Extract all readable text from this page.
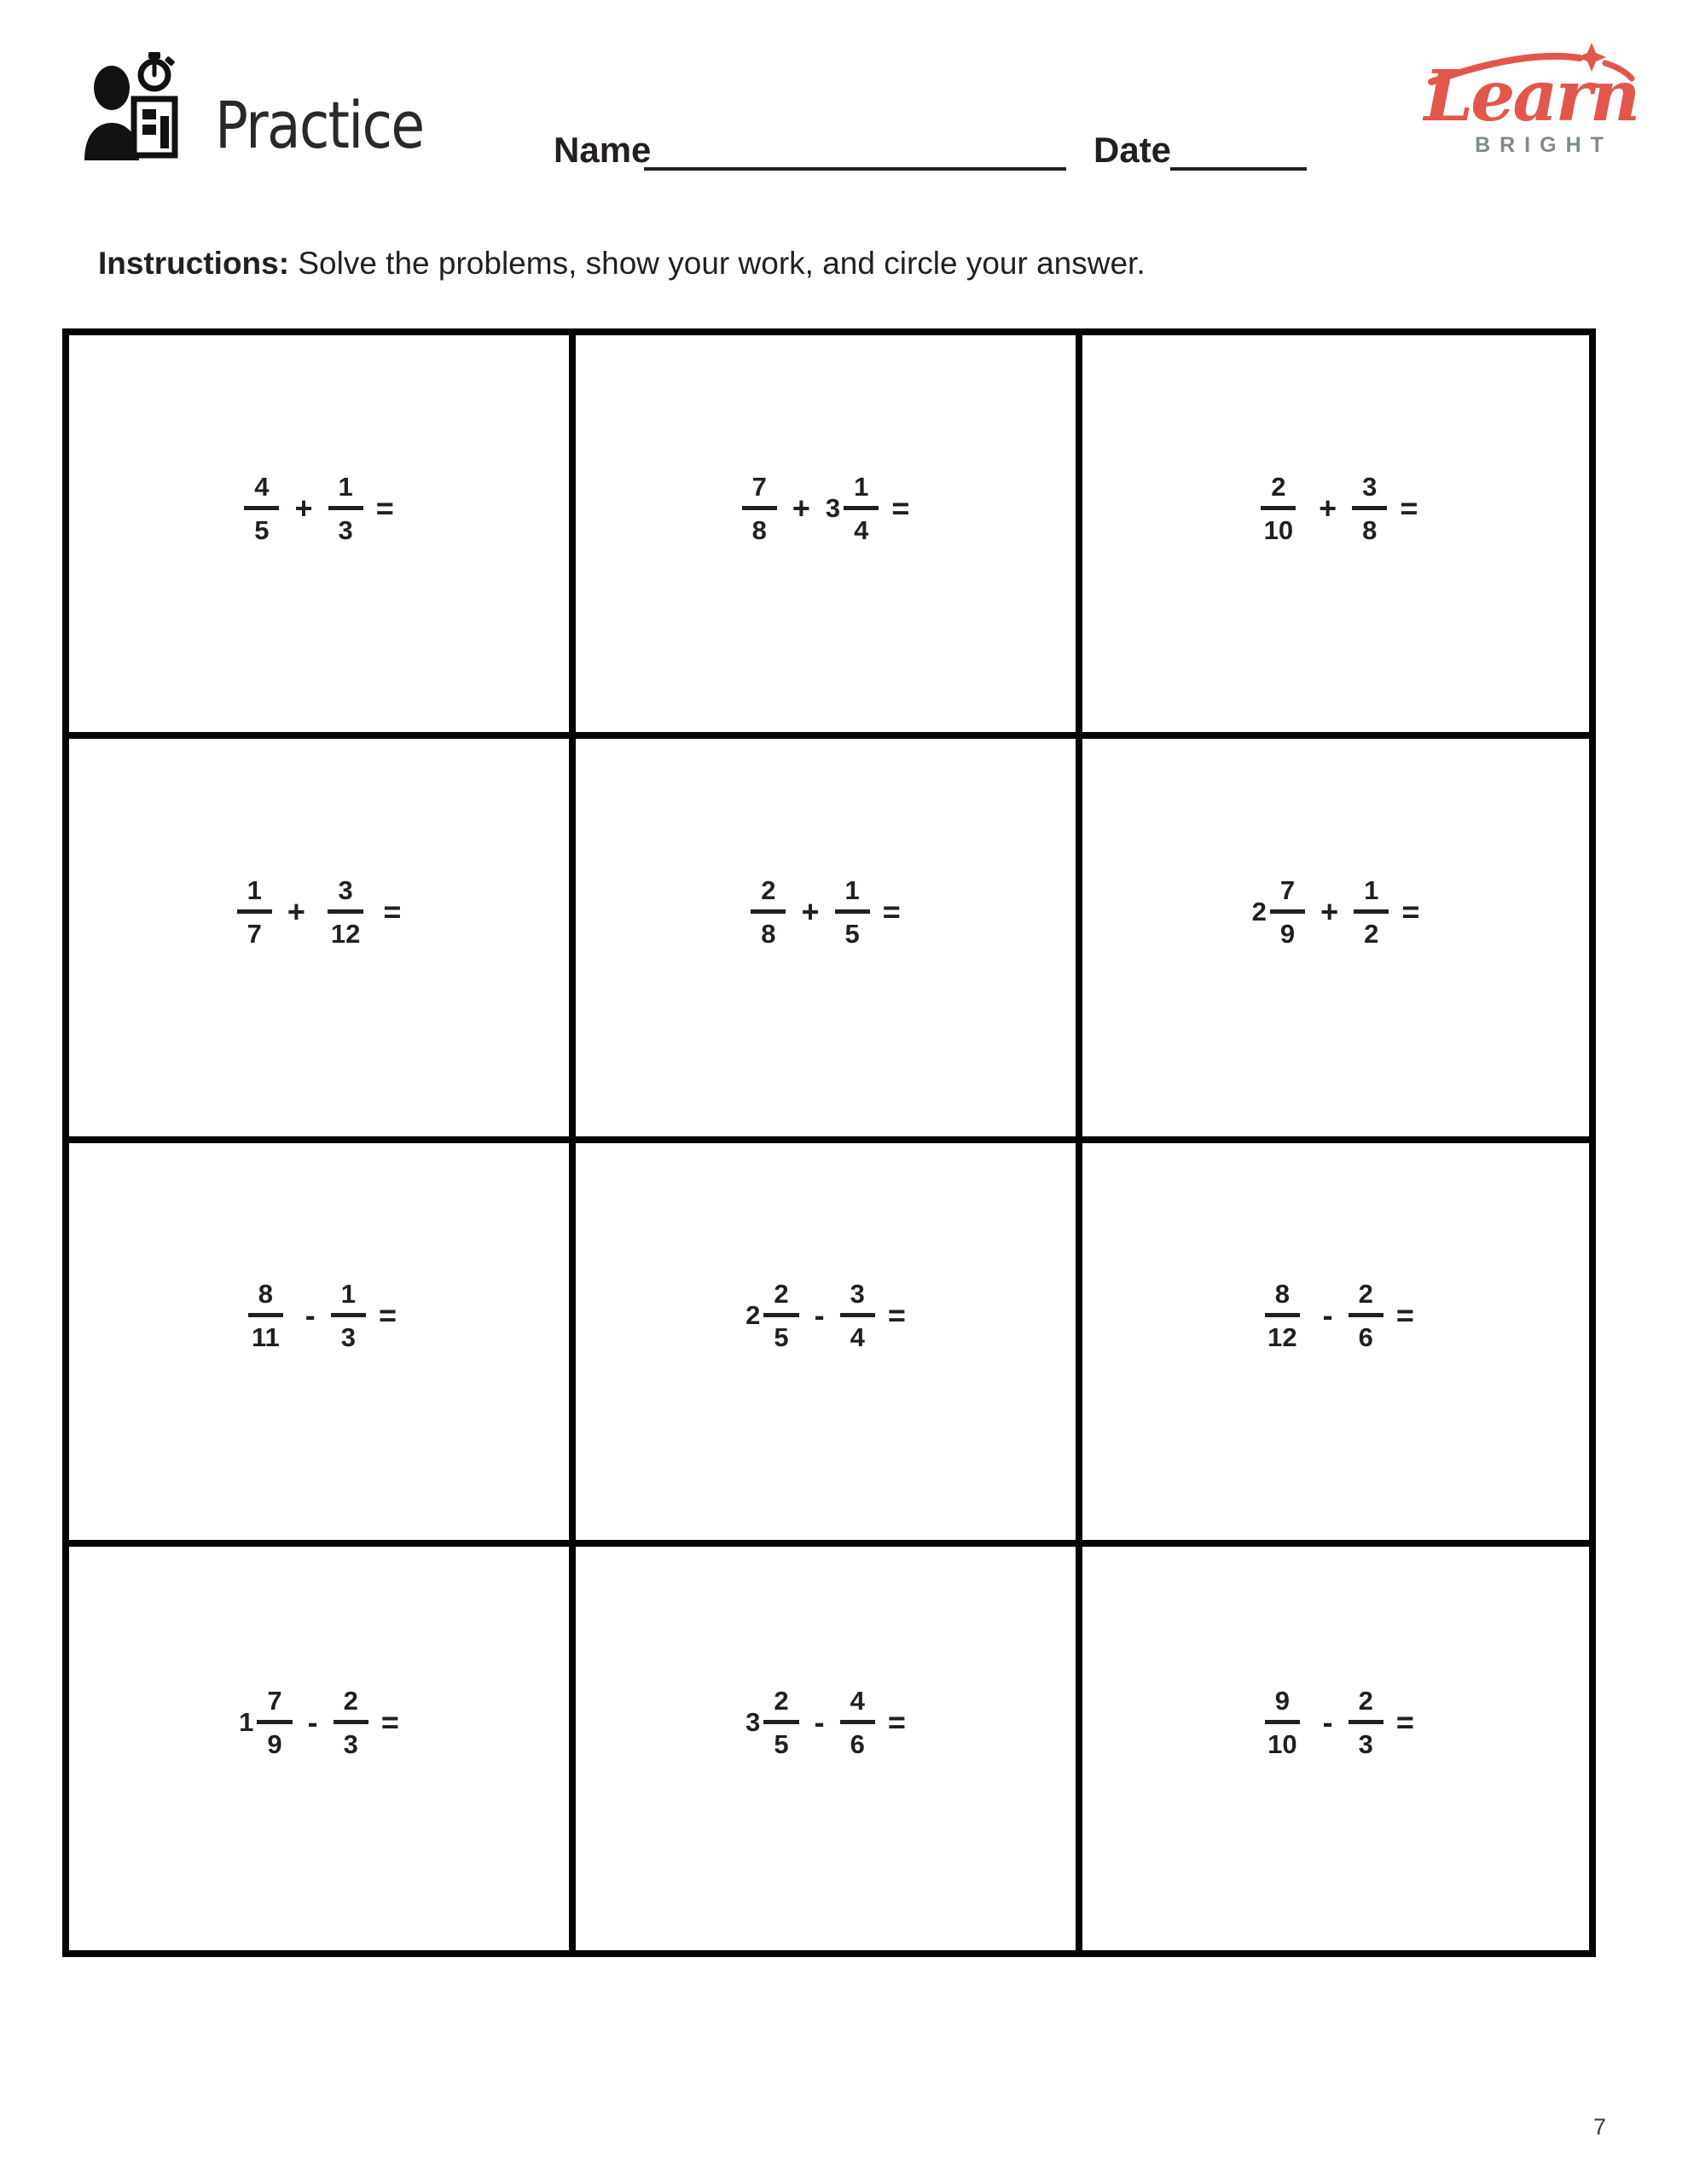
Practice	Name	Date
Learn
BRIGHT
Instructions: Solve the problems, show your work, and circle your answer.
$\frac{4}{5} + \frac{1}{3}$ =	$\frac{7}{8} + 3 \frac{1}{4}$ =	$\frac{2}{10} + \frac{3}{8}$ =
$\frac{1}{7} + \frac{3}{12}$ =	$\frac{2}{8} + \frac{1}{5}$ =	$2 \frac{7}{9} + \frac{1}{2}$ =
$\frac{8}{11} - \frac{1}{3}$ =	$2 \frac{2}{5} - \frac{3}{4}$ =	$\frac{8}{12} - \frac{2}{6}$ =
$1 \frac{7}{9} - \frac{2}{3}$ =	$3 \frac{2}{5} - \frac{4}{6}$ =	$\frac{9}{10} - \frac{2}{3}$ =
7
